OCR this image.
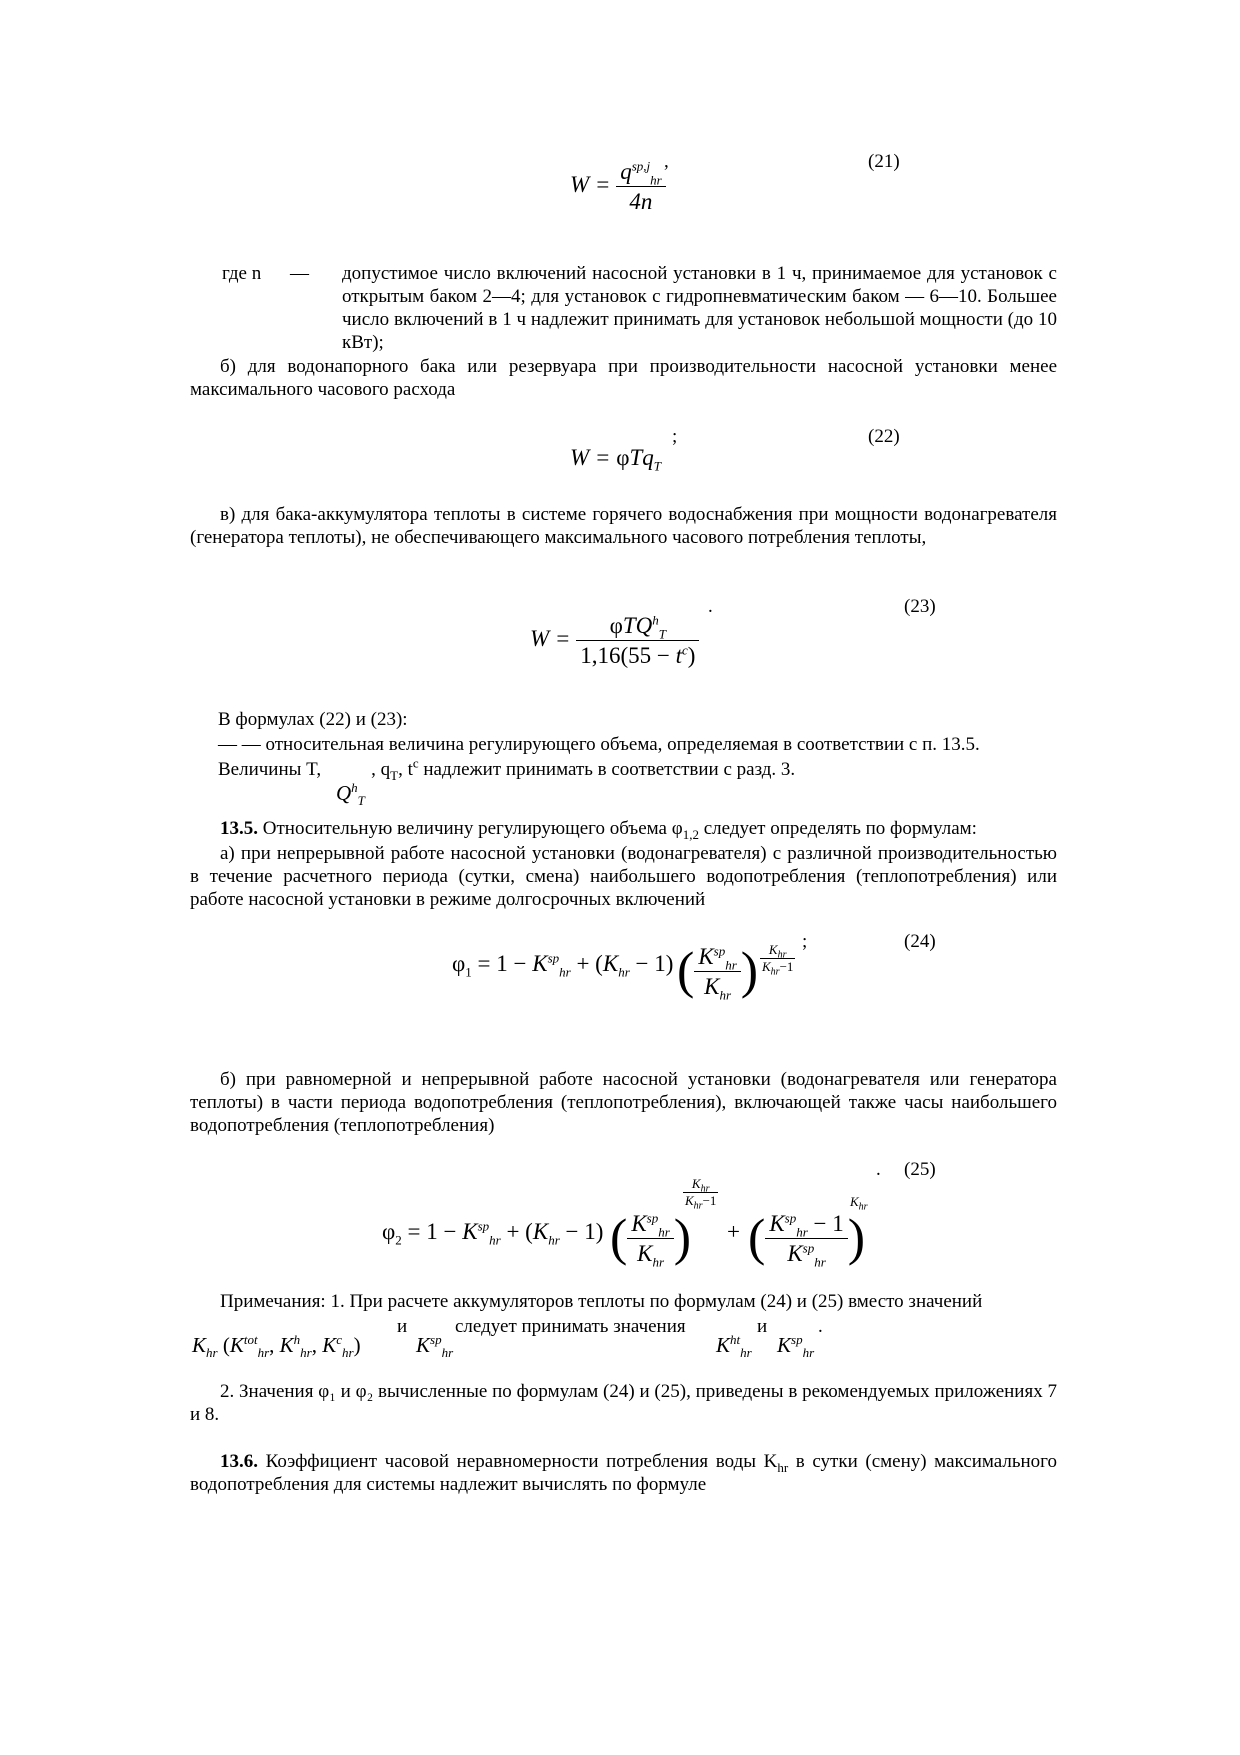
$W = \frac{q^{sp,j}_{hr}}{4n}$
,	(21)
где n — допустимое число включений насосной установки в 1 ч, принимаемое для установок с открытым баком 2—4; для установок с гидропневматическим баком — 6—10. Большее число включений в 1 ч надлежит принимать для установок небольшой мощности (до 10 кВт);
б) для водонапорного бака или резервуара при производительности насосной установки менее максимального часового расхода
W = φTq$_T$
;	(22)
в) для бака-аккумулятора теплоты в системе горячего водоснабжения при мощности водонагревателя (генератора теплоты), не обеспечивающего максимального часового потребления теплоты,
$W = \frac{\varphi TQ^h_T}{1,16(55 - t^c)}$
.	(23)
В формулах (22) и (23):
— — относительная величина регулирующего объема, определяемая в соответствии с п. 13.5.
Величины T,	, $q_T$, $t^c$ надлежит принимать в соответствии с разд. 3.
$Q^h_T$
13.5. Относительную величину регулирующего объема $\varphi_{1,2}$ следует определять по формулам:
а) при непрерывной работе насосной установки (водонагревателя) с различной производительностью в течение расчетного периода (сутки, смена) наибольшего водопотребления (теплопотребления) или работе насосной установки в режиме долгосрочных включений
$\varphi_1 = 1 - K^{sp}_{hr} + (K_{hr} - 1)$ ( $\frac{K^{sp}_{hr}}{K_{hr}}$ ) $\frac{K_{hr}}{K_{hr}-1}$
;	(24)
б) при равномерной и непрерывной работе насосной установки (водонагревателя или генератора теплоты) в части периода водопотребления (теплопотребления), включающей также часы наибольшего водопотребления (теплопотребления)
$\varphi_2 = 1 - K^{sp}_{hr} + (K_{hr} - 1)$ ( $\frac{K^{sp}_{hr}}{K_{hr}}$ )
$\frac{K_{hr}}{K_{hr}-1}$
+ ( $\frac{K^{sp}_{hr} - 1}{K^{sp}_{hr}}$ )
$K_{hr}$
. (25)
Примечания: 1. При расчете аккумуляторов теплоты по формулам (24) и (25) вместо значений
и	следует принимать значения	и	.
$K_{hr}$ ($K^{tot}_{hr}$, $K^h_{hr}$, $K^c_{hr}$)	$K^{sp}_{hr}$	$K^{ht}_{hr}$ $K^{sp}_{hr}$
2. Значения φ₁ и φ₂ вычисленные по формулам (24) и (25), приведены в рекомендуемых приложениях 7 и 8.
13.6. Коэффициент часовой неравномерности потребления воды $K_{hr}$ в сутки (смену) максимального водопотребления для системы надлежит вычислять по формуле
